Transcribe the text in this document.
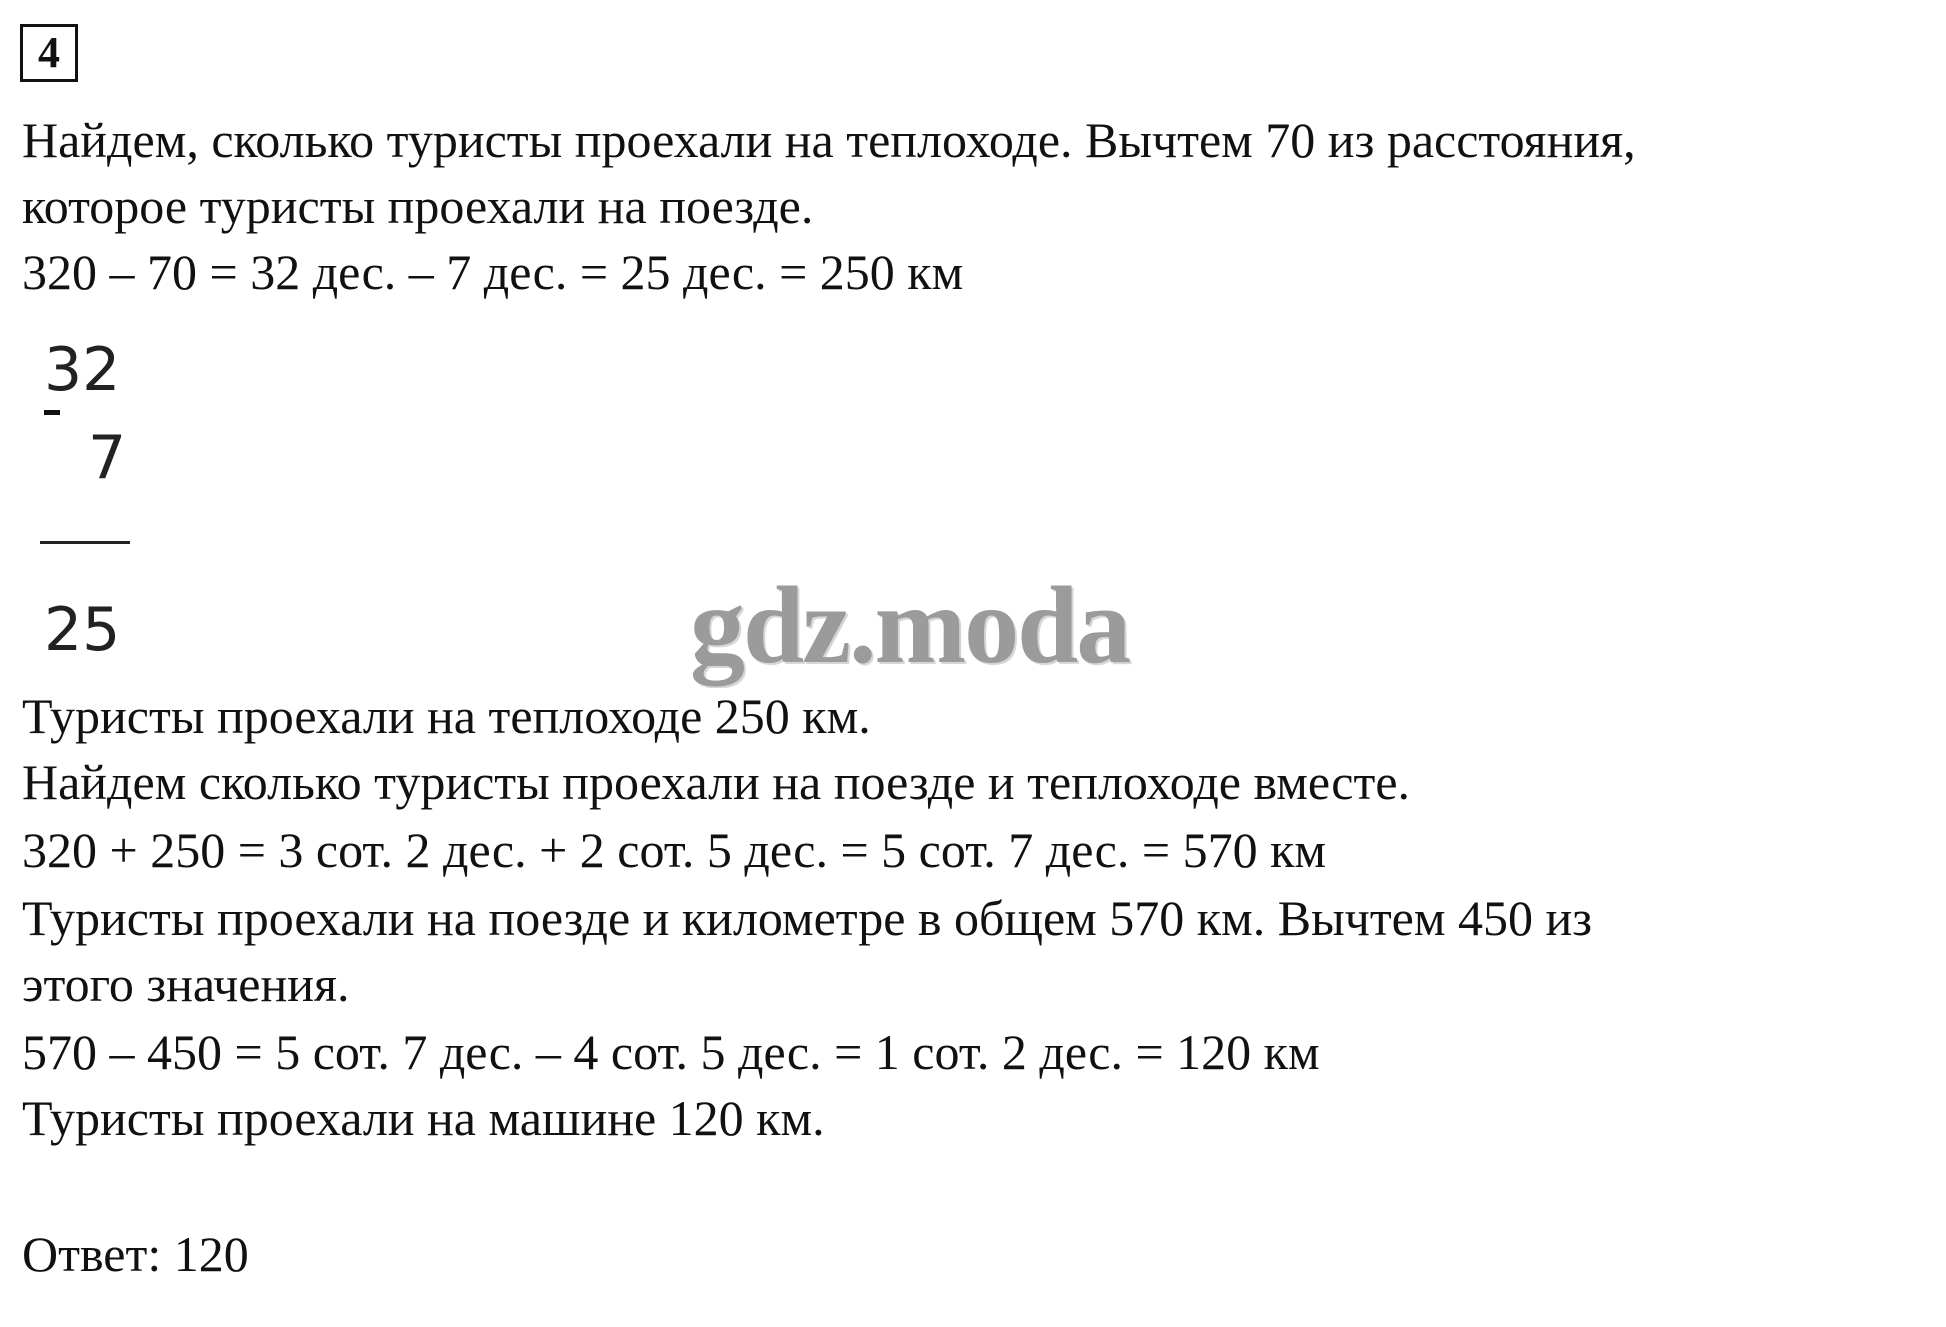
4
Найдем, сколько туристы проехали на теплоходе. Вычтем 70 из расстояния,
которое туристы проехали на поезде.
320 – 70 = 32 дес. – 7 дес. = 25 дес. = 250 км
32
7
25	gdz.moda
Туристы проехали на теплоходе 250 км.
Найдем сколько туристы проехали на поезде и теплоходе вместе.
320 + 250 = 3 сот. 2 дес. + 2 сот. 5 дес. = 5 сот. 7 дес. = 570 км
Туристы проехали на поезде и километре в общем 570 км. Вычтем 450 из
этого значения.
570 – 450 = 5 сот. 7 дес. – 4 сот. 5 дес. = 1 сот. 2 дес. = 120 км
Туристы проехали на машине 120 км.
Ответ: 120
